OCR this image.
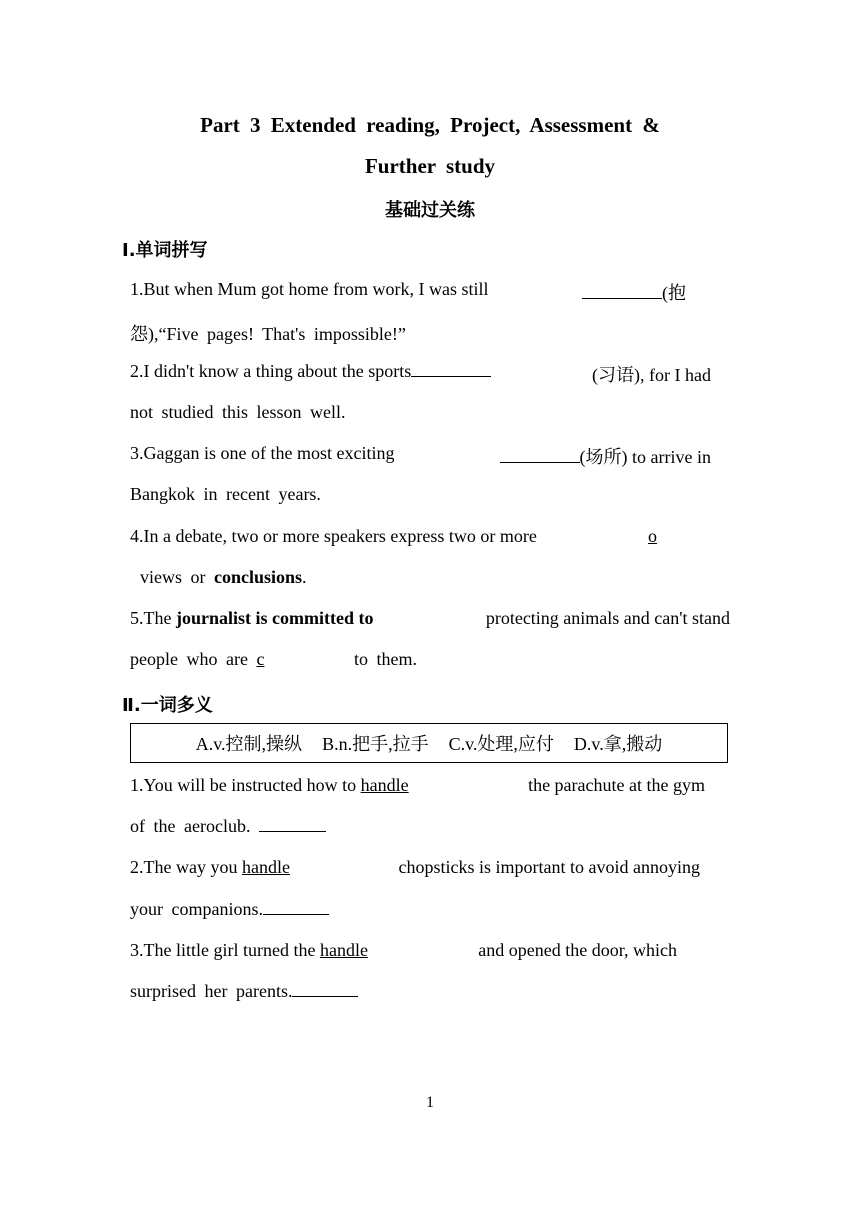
Part 3 Extended reading, Project, Assessment &
Further study
基础过关练
Ⅰ.单词拼写
1.But when Mum got home from work, I was still	(抱
怨),“Five pages! That's impossible!”
2.I didn't know a thing about the sports	(习语), for I had
not studied this lesson well.
3.Gaggan is one of the most exciting	(场所) to arrive in
Bangkok in recent years.
4.In a debate, two or more speakers express two or more	o
views or conclusions.
5.The journalist is committed to	protecting animals and can't stand
people who are c	to them.
Ⅱ.一词多义
A.v.控制,操纵 B.n.把手,拉手 C.v.处理,应付 D.v.拿,搬动
1.You will be instructed how to handle	the parachute at the gym
of the aeroclub.
2.The way you handle	chopsticks is important to avoid annoying
your companions.
3.The little girl turned the handle	and opened the door, which
surprised her parents.
1
